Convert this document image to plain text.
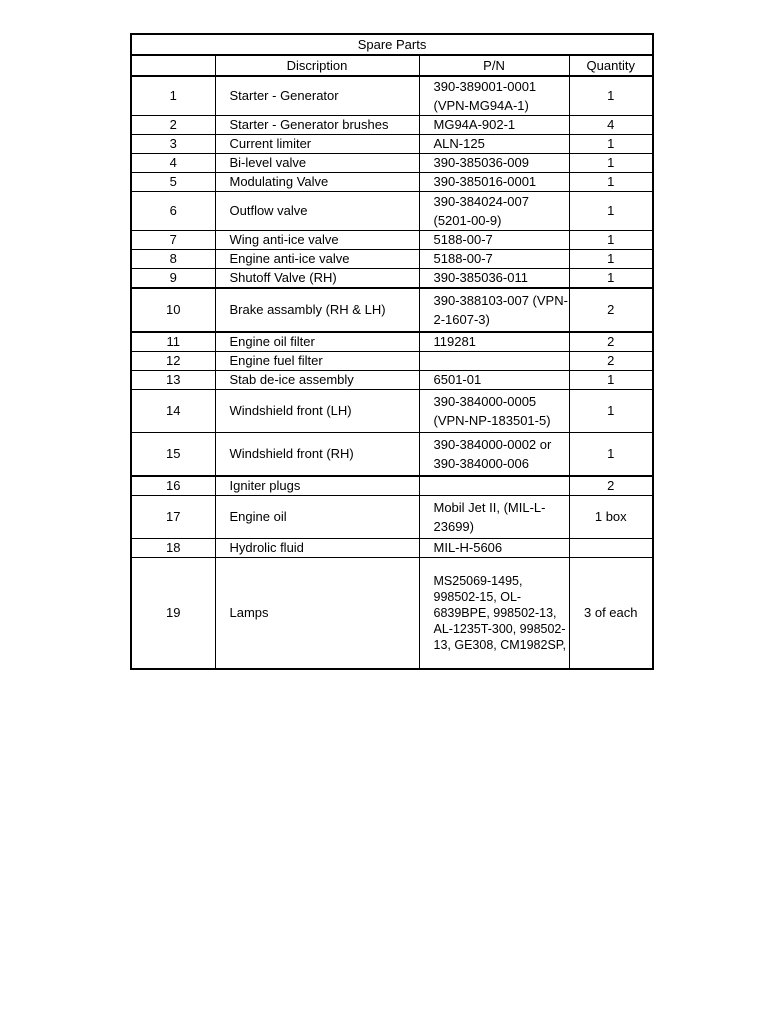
Spare Parts			
	Discription	P/N	Quantity
1	Starter - Generator	390-389001-0001 (VPN-MG94A-1)	1
2	Starter - Generator brushes	MG94A-902-1	4
3	Current limiter	ALN-125	1
4	Bi-level valve	390-385036-009	1
5	Modulating Valve	390-385016-0001	1
6	Outflow valve	390-384024-007 (5201-00-9)	1
7	Wing anti-ice valve	5188-00-7	1
8	Engine anti-ice valve	5188-00-7	1
9	Shutoff Valve (RH)	390-385036-011	1
10	Brake assambly (RH & LH)	390-388103-007 (VPN-2-1607-3)	2
11	Engine oil filter	119281	2
12	Engine fuel filter		2
13	Stab de-ice assembly	6501-01	1
14	Windshield front (LH)	390-384000-0005 (VPN-NP-183501-5)	1
15	Windshield front (RH)	390-384000-0002 or 390-384000-006	1
16	Igniter plugs		2
17	Engine oil	Mobil Jet II, (MIL-L-23699)	1 box
18	Hydrolic fluid	MIL-H-5606	
19	Lamps	MS25069-1495, 998502-15, OL-6839BPE, 998502-13, AL-1235T-300, 998502-13, GE308, CM1982SP,	3 of each
